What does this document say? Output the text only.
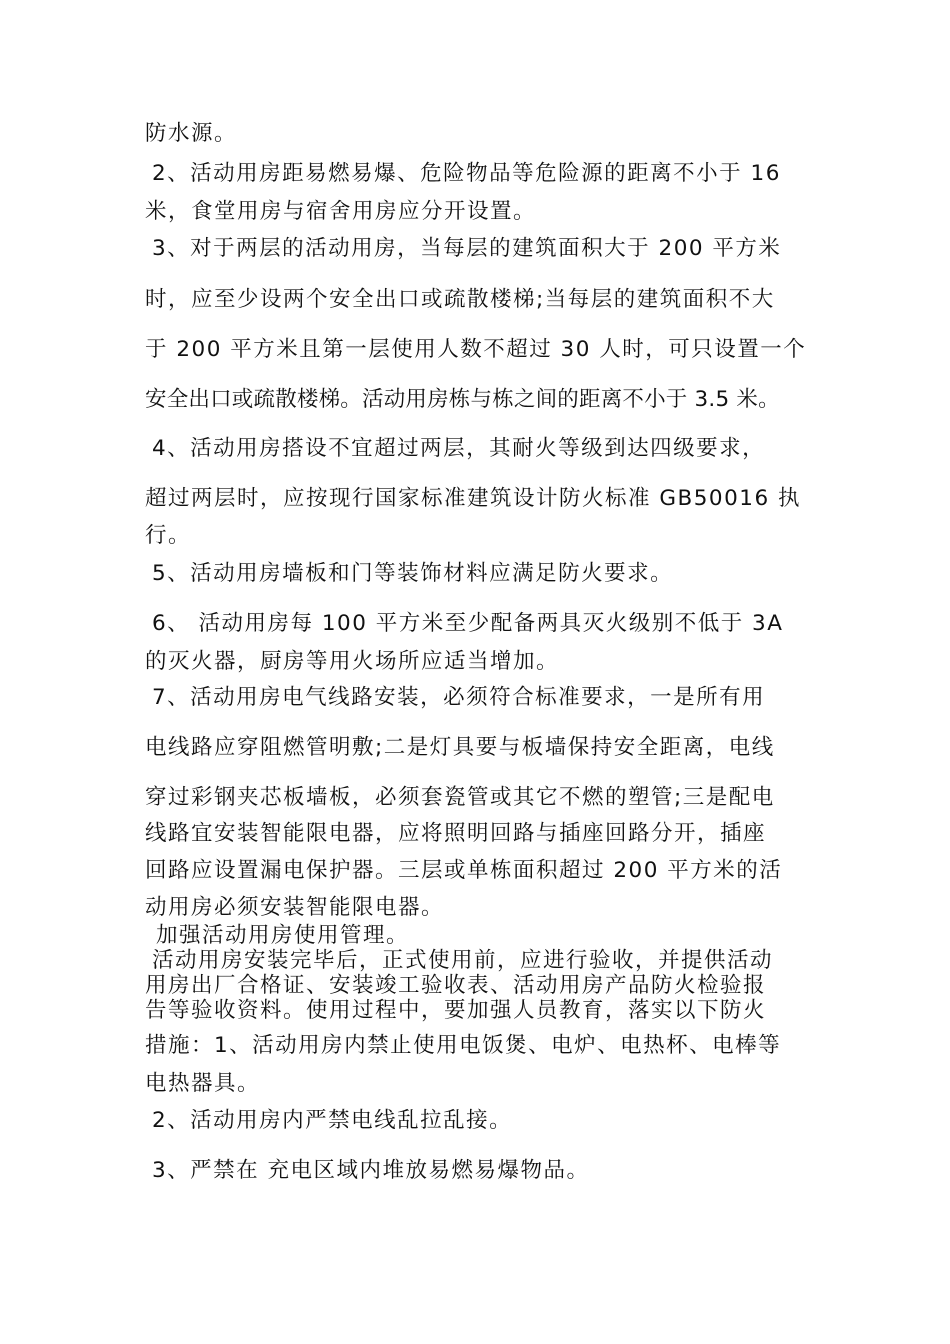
防水源。
2、活动用房距易燃易爆、危险物品等危险源的距离不小于 16
米，食堂用房与宿舍用房应分开设置。
3、对于两层的活动用房，当每层的建筑面积大于 200 平方米
时，应至少设两个安全出口或疏散楼梯;当每层的建筑面积不大
于 200 平方米且第一层使用人数不超过 30 人时，可只设置一个
安全出口或疏散楼梯。活动用房栋与栋之间的距离不小于 3.5 米。
4、活动用房搭设不宜超过两层，其耐火等级到达四级要求，
超过两层时，应按现行国家标准建筑设计防火标准 GB50016 执
行。
5、活动用房墙板和门等装饰材料应满足防火要求。
6、 活动用房每 100 平方米至少配备两具灭火级别不低于 3A
的灭火器，厨房等用火场所应适当增加。
7、活动用房电气线路安装，必须符合标准要求，一是所有用
电线路应穿阻燃管明敷;二是灯具要与板墙保持安全距离，电线
穿过彩钢夹芯板墙板，必须套瓷管或其它不燃的塑管;三是配电
线路宜安装智能限电器，应将照明回路与插座回路分开，插座
回路应设置漏电保护器。三层或单栋面积超过 200 平方米的活
动用房必须安装智能限电器。
加强活动用房使用管理。
活动用房安装完毕后，正式使用前，应进行验收，并提供活动
用房出厂合格证、安装竣工验收表、活动用房产品防火检验报
告等验收资料。使用过程中，要加强人员教育，落实以下防火
措施：1、活动用房内禁止使用电饭煲、电炉、电热杯、电棒等
电热器具。
2、活动用房内严禁电线乱拉乱接。
3、严禁在 充电区域内堆放易燃易爆物品。
